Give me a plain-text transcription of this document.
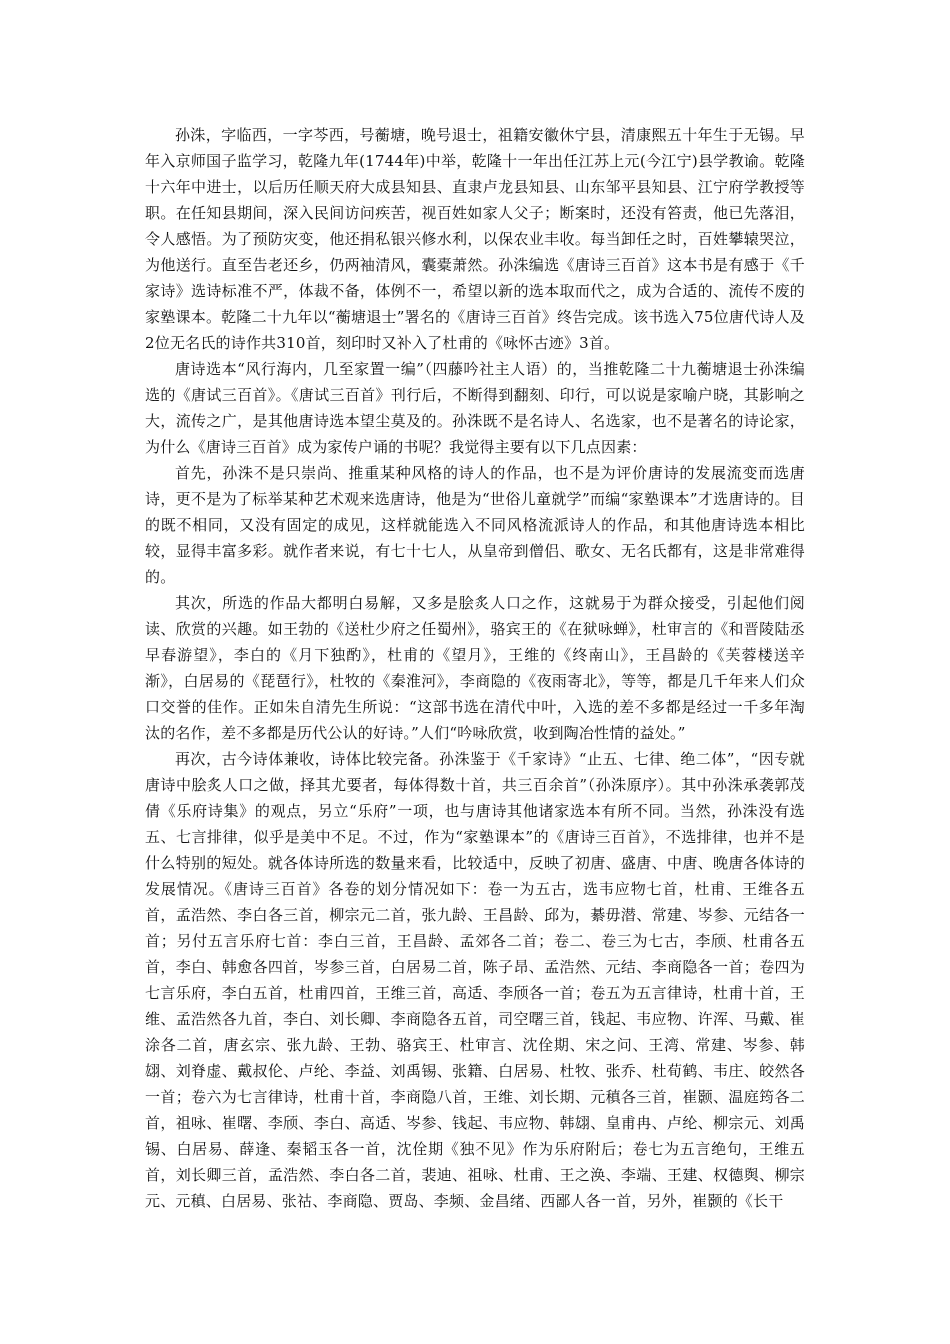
孙洙，字临西，一字芩西，号蘅塘，晚号退士，祖籍安徽休宁县，清康熙五十年生于无锡。早年入京师国子监学习，乾隆九年(1744年)中举，乾隆十一年出任江苏上元(今江宁)县学教谕。乾隆十六年中进士，以后历任顺天府大成县知县、直隶卢龙县知县、山东邹平县知县、江宁府学教授等职。在任知县期间，深入民间访问疾苦，视百姓如家人父子；断案时，还没有笞责，他已先落泪，令人感悟。为了预防灾变，他还捐私银兴修水利，以保农业丰收。每当卸任之时，百姓攀辕哭泣，为他送行。直至告老还乡，仍两袖清风，囊橐萧然。孙洙编选《唐诗三百首》这本书是有感于《千家诗》选诗标准不严，体裁不备，体例不一，希望以新的选本取而代之，成为合适的、流传不废的家塾课本。乾隆二十九年以“蘅塘退士”署名的《唐诗三百首》终告完成。该书选入75位唐代诗人及2位无名氏的诗作共310首，刻印时又补入了杜甫的《咏怀古迹》3首。

唐诗选本“风行海内，几至家置一编”（四藤吟社主人语）的，当推乾隆二十九蘅塘退士孙洙编选的《唐试三百首》。《唐试三百首》刊行后，不断得到翻刻、印行，可以说是家喻户晓，其影响之大，流传之广，是其他唐诗选本望尘莫及的。孙洙既不是名诗人、名选家，也不是著名的诗论家，为什么《唐诗三百首》成为家传户诵的书呢？我觉得主要有以下几点因素：

首先，孙洙不是只崇尚、推重某种风格的诗人的作品，也不是为评价唐诗的发展流变而选唐诗，更不是为了标举某种艺术观来选唐诗，他是为“世俗儿童就学”而编“家塾课本”才选唐诗的。目的既不相同，又没有固定的成见，这样就能选入不同风格流派诗人的作品，和其他唐诗选本相比较，显得丰富多彩。就作者来说，有七十七人，从皇帝到僧侣、歌女、无名氏都有，这是非常难得的。

其次，所选的作品大都明白易解，又多是脍炙人口之作，这就易于为群众接受，引起他们阅读、欣赏的兴趣。如王勃的《送杜少府之任蜀州》，骆宾王的《在狱咏蝉》，杜审言的《和晋陵陆丞早春游望》，李白的《月下独酌》，杜甫的《望月》，王维的《终南山》，王昌龄的《芙蓉楼送辛渐》，白居易的《琵琶行》，杜牧的《秦淮河》，李商隐的《夜雨寄北》，等等，都是几千年来人们众口交誉的佳作。正如朱自清先生所说：“这部书选在清代中叶，入选的差不多都是经过一千多年淘汰的名作，差不多都是历代公认的好诗。”人们“吟咏欣赏，收到陶冶性情的益处。”

再次，古今诗体兼收，诗体比较完备。孙洙鉴于《千家诗》“止五、七律、绝二体”，“因专就唐诗中脍炙人口之做，择其尤要者，每体得数十首，共三百余首”（孙洙原序）。其中孙洙承袭郭茂倩《乐府诗集》的观点，另立“乐府”一项，也与唐诗其他诸家选本有所不同。当然，孙洙没有选五、七言排律，似乎是美中不足。不过，作为“家塾课本”的《唐诗三百首》，不选排律，也并不是什么特别的短处。就各体诗所选的数量来看，比较适中，反映了初唐、盛唐、中唐、晚唐各体诗的发展情况。《唐诗三百首》各卷的划分情况如下：卷一为五古，选韦应物七首，杜甫、王维各五首，孟浩然、李白各三首，柳宗元二首，张九龄、王昌龄、邱为，綦毋潜、常建、岑参、元结各一首；另付五言乐府七首：李白三首，王昌龄、孟郊各二首；卷二、卷三为七古，李颀、杜甫各五首，李白、韩愈各四首，岑参三首，白居易二首，陈子昂、孟浩然、元结、李商隐各一首；卷四为七言乐府，李白五首，杜甫四首，王维三首，高适、李颀各一首；卷五为五言律诗，杜甫十首，王维、孟浩然各九首，李白、刘长卿、李商隐各五首，司空曙三首，钱起、韦应物、许浑、马戴、崔涂各二首，唐玄宗、张九龄、王勃、骆宾王、杜审言、沈佺期、宋之问、王湾、常建、岑参、韩翃、刘脊虚、戴叔伦、卢纶、李益、刘禹锡、张籍、白居易、杜牧、张乔、杜荀鹤、韦庄、皎然各一首；卷六为七言律诗，杜甫十首，李商隐八首，王维、刘长期、元稹各三首，崔颢、温庭筠各二首，祖咏、崔曙、李颀、李白、高适、岑参、钱起、韦应物、韩翃、皇甫冉、卢纶、柳宗元、刘禹锡、白居易、薛逢、秦韬玉各一首，沈佺期《独不见》作为乐府附后；卷七为五言绝句，王维五首，刘长卿三首，孟浩然、李白各二首，裴迪、祖咏、杜甫、王之涣、李端、王建、权德舆、柳宗元、元稹、白居易、张祜、李商隐、贾岛、李频、金昌绪、西鄙人各一首，另外，崔颢的《长干
